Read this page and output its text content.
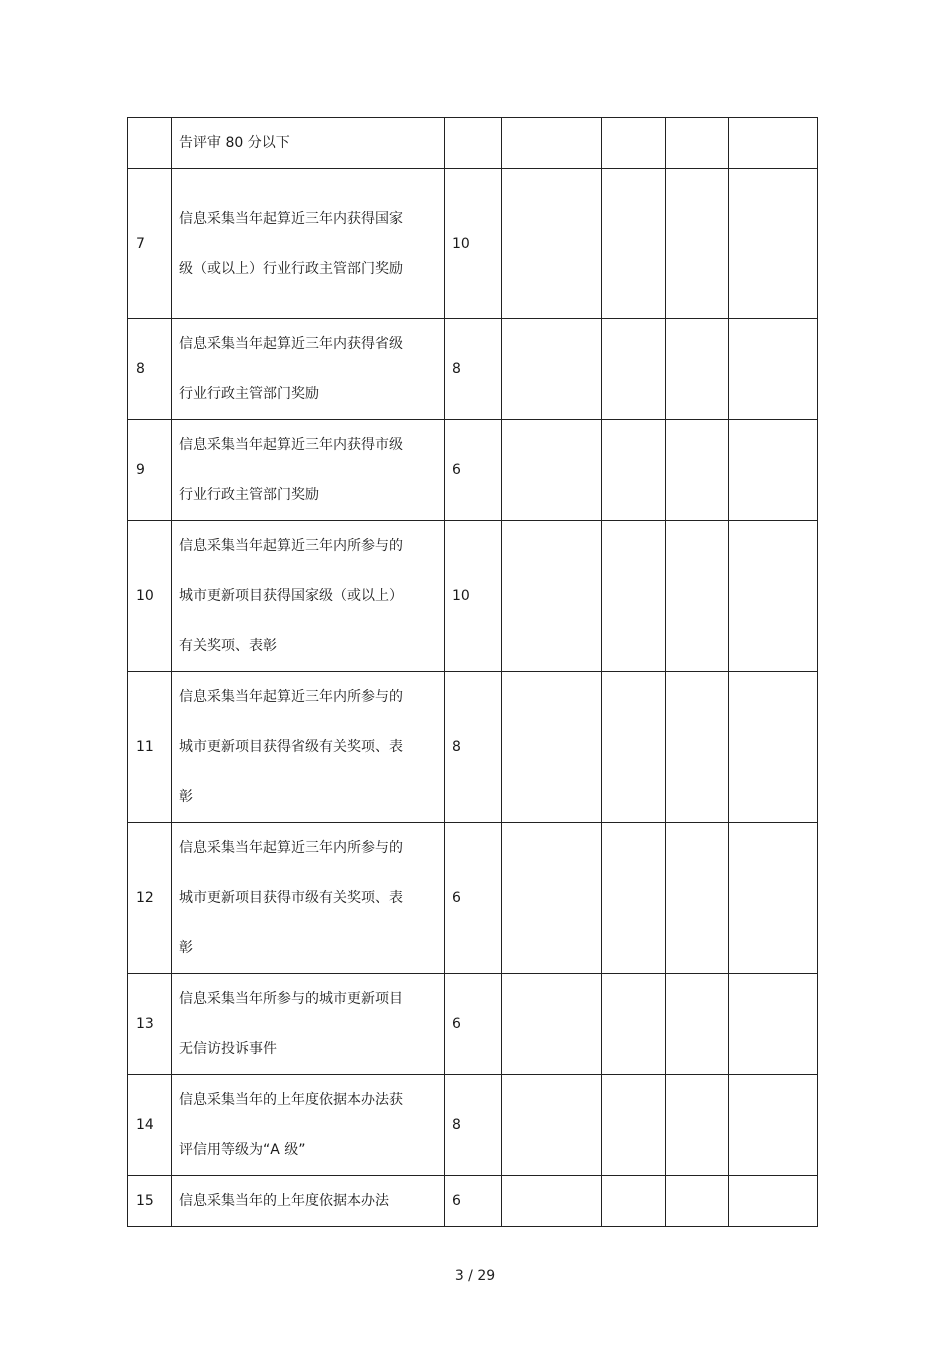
	告评审 80 分以下					

7	信息采集当年起算近三年内获得国家级（或以上）行业行政主管部门奖励	10				
8	信息采集当年起算近三年内获得省级行业行政主管部门奖励	8				
9	信息采集当年起算近三年内获得市级行业行政主管部门奖励	6				
10	信息采集当年起算近三年内所参与的城市更新项目获得国家级（或以上）有关奖项、表彰	10				
11	信息采集当年起算近三年内所参与的城市更新项目获得省级有关奖项、表彰	8				
12	信息采集当年起算近三年内所参与的城市更新项目获得市级有关奖项、表彰	6				
13	信息采集当年所参与的城市更新项目无信访投诉事件	6				
14	信息采集当年的上年度依据本办法获评信用等级为“A 级”	8				
15	信息采集当年的上年度依据本办法	6				
3 / 29
